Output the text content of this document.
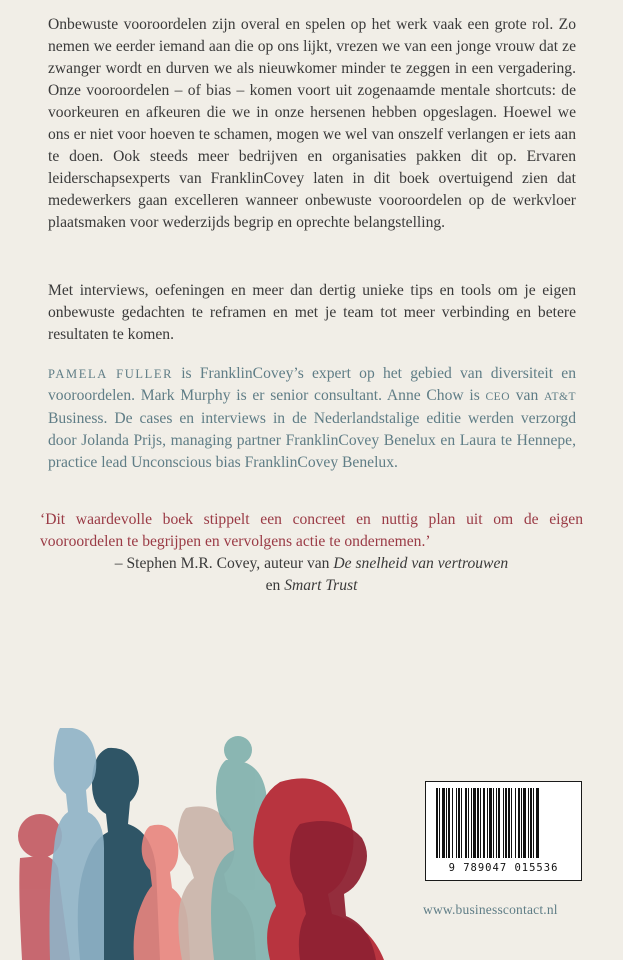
Onbewuste vooroordelen zijn overal en spelen op het werk vaak een grote rol. Zo nemen we eerder iemand aan die op ons lijkt, vrezen we van een jonge vrouw dat ze zwanger wordt en durven we als nieuwkomer minder te zeggen in een vergadering. Onze vooroordelen – of bias – komen voort uit zogenaamde mentale shortcuts: de voorkeuren en afkeuren die we in onze hersenen hebben opgeslagen. Hoewel we ons er niet voor hoeven te schamen, mogen we wel van onszelf verlangen er iets aan te doen. Ook steeds meer bedrijven en organisaties pakken dit op. Ervaren leiderschapsexperts van FranklinCovey laten in dit boek overtuigend zien dat medewerkers gaan excelleren wanneer onbewuste vooroordelen op de werkvloer plaatsmaken voor wederzijds begrip en oprechte belangstelling.

Met interviews, oefeningen en meer dan dertig unieke tips en tools om je eigen onbewuste gedachten te reframen en met je team tot meer verbinding en betere resultaten te komen.

PAMELA FULLER is FranklinCovey’s expert op het gebied van diversiteit en vooroordelen. Mark Murphy is er senior consultant. Anne Chow is CEO van AT&T Business. De cases en interviews in de Nederlandstalige editie werden verzorgd door Jolanda Prijs, managing partner FranklinCovey Benelux en Laura te Hennepe, practice lead Unconscious bias FranklinCovey Benelux.

‘Dit waardevolle boek stippelt een concreet en nuttig plan uit om de eigen vooroordelen te begrijpen en vervolgens actie te ondernemen.’
– Stephen M.R. Covey, auteur van De snelheid van vertrouwen
en Smart Trust

9 789047 015536
www.businesscontact.nl
